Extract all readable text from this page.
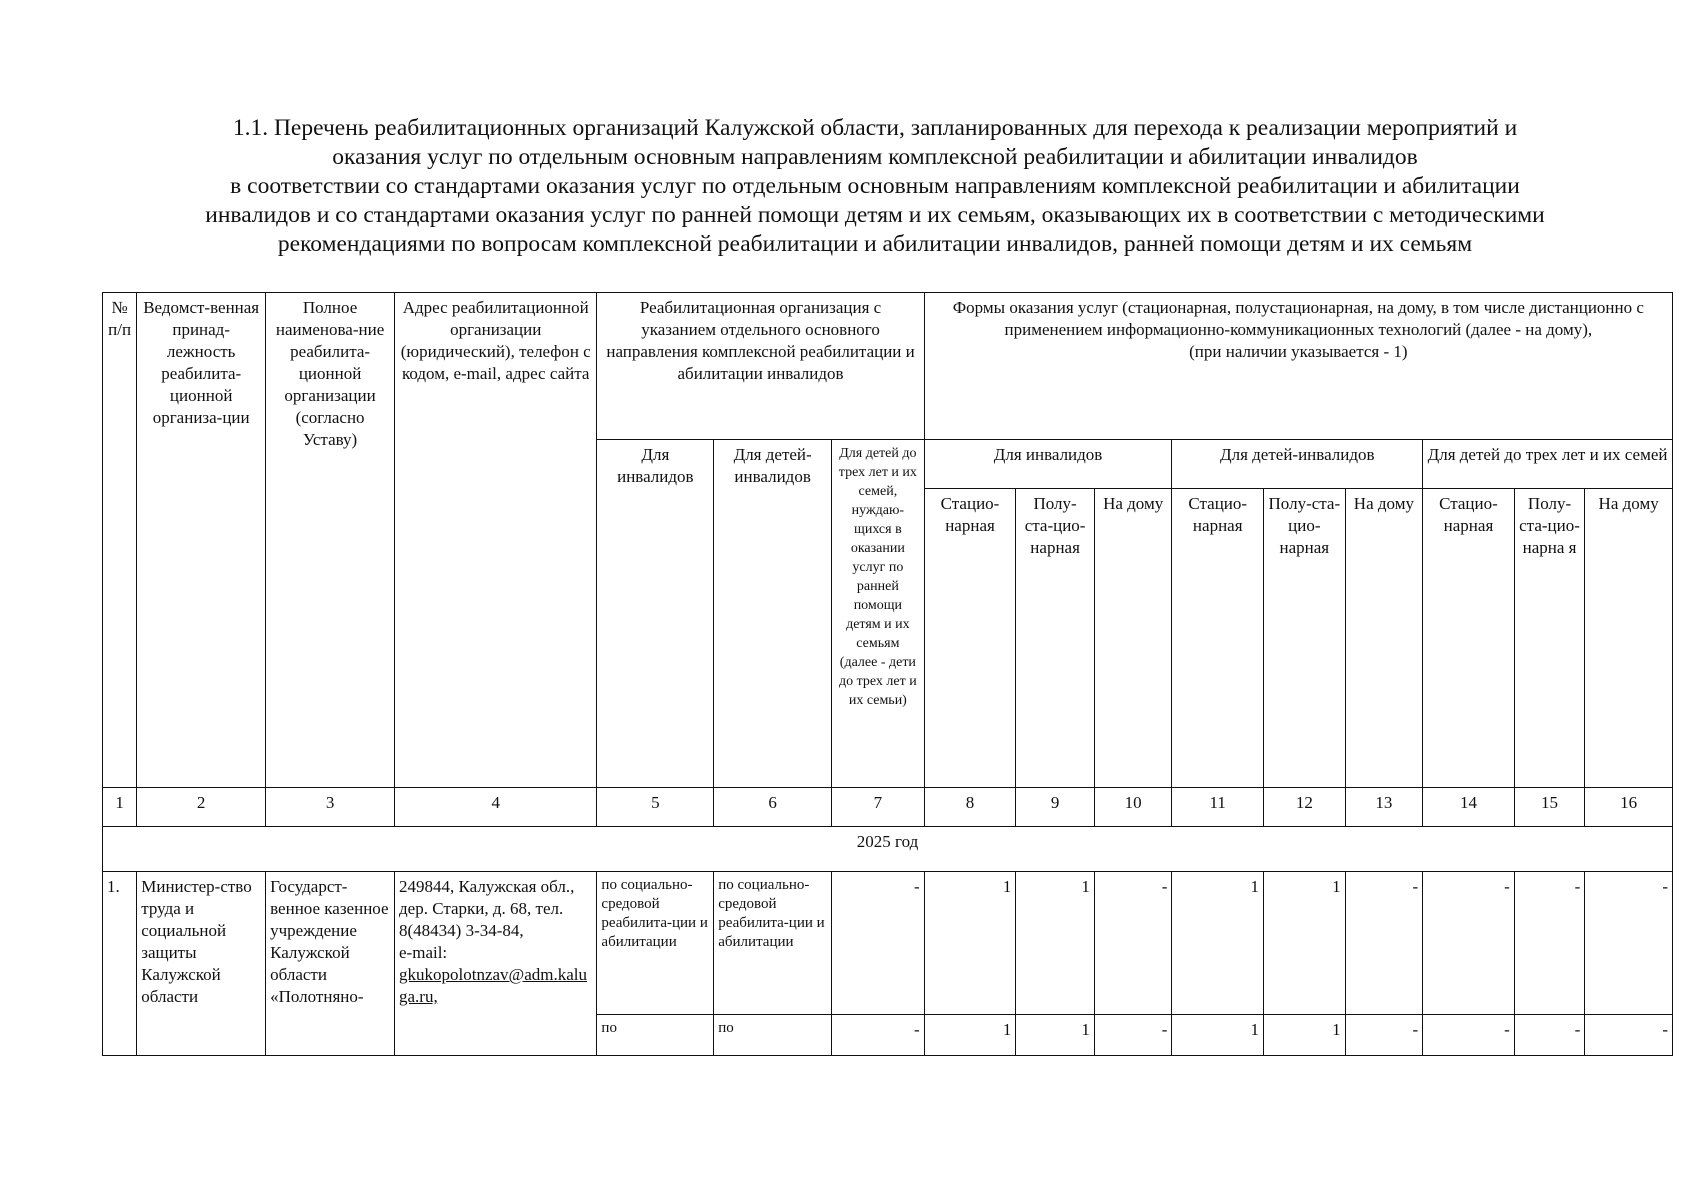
1.1. Перечень реабилитационных организаций Калужской области, запланированных для перехода к реализации мероприятий и
оказания услуг по отдельным основным направлениям комплексной реабилитации и абилитации инвалидов
в соответствии со стандартами оказания услуг по отдельным основным направлениям комплексной реабилитации и абилитации
инвалидов и со стандартами оказания услуг по ранней помощи детям и их семьям, оказывающих их в соответствии с методическими
рекомендациями по вопросам комплексной реабилитации и абилитации инвалидов, ранней помощи детям и их семьям
№ п/п	Ведомст-венная принад-лежность реабилита-ционной организа-ции	Полное наименова-ние реабилита-ционной организации (согласно Уставу)	Адрес реабилитационной организации (юридический), телефон с кодом, e-mail, адрес сайта	Реабилитационная организация с указанием отдельного основного направления комплексной реабилитации и абилитации инвалидов			Формы оказания услуг (стационарная, полустационарная, на дому, в том числе дистанционно с применением информационно-коммуникационных технологий (далее - на дому),
(при наличии указывается - 1)								
				Для инвалидов	Для детей-инвалидов	Для детей до трех лет и их семей, нуждаю-щихся в оказании услуг по ранней помощи детям и их семьям (далее - дети до трех лет и их семьи)	Для инвалидов			Для детей-инвалидов			Для детей до трех лет и их семей		
							Стацио-нарная	Полу-ста-цио-нарная	На дому	Стацио-нарная	Полу-ста-цио-нарная	На дому	Стацио-нарная	Полу-ста-цио-нарна я	На дому
1	2	3	4	5	6	7	8	9	10	11	12	13	14	15	16
2025 год															
1.	Министер-ство труда и социальной защиты Калужской области	Государст-венное казенное учреждение Калужской области «Полотняно-	249844, Калужская обл., дер. Старки, д. 68, тел. 8(48434) 3-34-84,
e-mail:
gkukopolotnzav@adm.kaluga.ru,	по социально-средовой реабилита-ции и абилитации	по социально-средовой реабилита-ции и абилитации	-	1	1	-	1	1	-	-	-	-
				по	по	-	1	1	-	1	1	-	-	-	-
